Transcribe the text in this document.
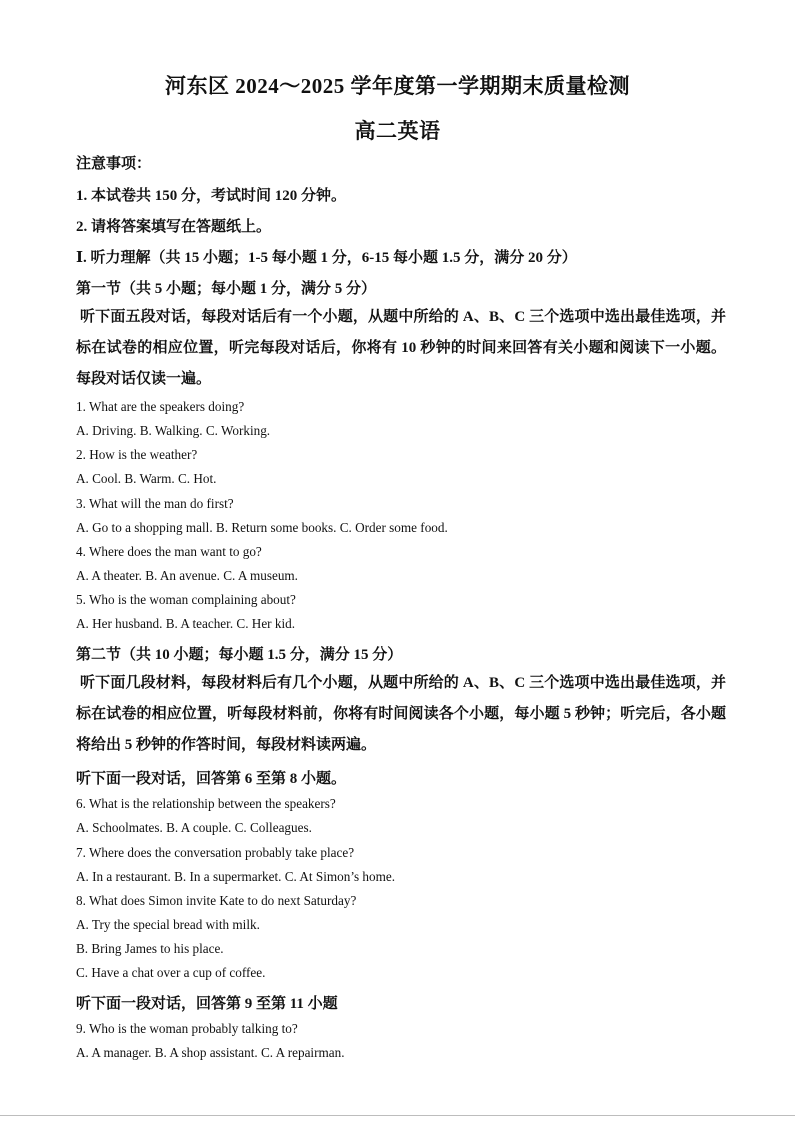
河东区 2024～2025 学年度第一学期期末质量检测
高二英语
注意事项：
1. 本试卷共 150 分，考试时间 120 分钟。
2. 请将答案填写在答题纸上。
Ⅰ. 听力理解（共 15 小题；1-5 每小题 1 分，6-15 每小题 1.5 分，满分 20 分）
第一节（共 5 小题；每小题 1 分，满分 5 分）

听下面五段对话，每段对话后有一个小题，从题中所给的 A、B、C 三个选项中选出最佳选项，并标在试卷的相应位置，听完每段对话后，你将有 10 秒钟的时间来回答有关小题和阅读下一小题。每段对话仅读一遍。

1. What are the speakers doing?
A. Driving. B. Walking. C. Working.
2. How is the weather?
A. Cool. B. Warm. C. Hot.
3. What will the man do first?
A. Go to a shopping mall. B. Return some books. C. Order some food.
4. Where does the man want to go?
A. A theater. B. An avenue. C. A museum.
5. Who is the woman complaining about?
A. Her husband. B. A teacher. C. Her kid.
第二节（共 10 小题；每小题 1.5 分，满分 15 分）

听下面几段材料，每段材料后有几个小题，从题中所给的 A、B、C 三个选项中选出最佳选项，并标在试卷的相应位置，听每段材料前，你将有时间阅读各个小题，每小题 5 秒钟；听完后，各小题将给出 5 秒钟的作答时间，每段材料读两遍。

听下面一段对话，回答第 6 至第 8 小题。
6. What is the relationship between the speakers?
A. Schoolmates. B. A couple. C. Colleagues.
7. Where does the conversation probably take place?
A. In a restaurant. B. In a supermarket. C. At Simon’s home.
8. What does Simon invite Kate to do next Saturday?
A. Try the special bread with milk.
B. Bring James to his place.
C. Have a chat over a cup of coffee.
听下面一段对话，回答第 9 至第 11 小题
9. Who is the woman probably talking to?
A. A manager. B. A shop assistant. C. A repairman.
